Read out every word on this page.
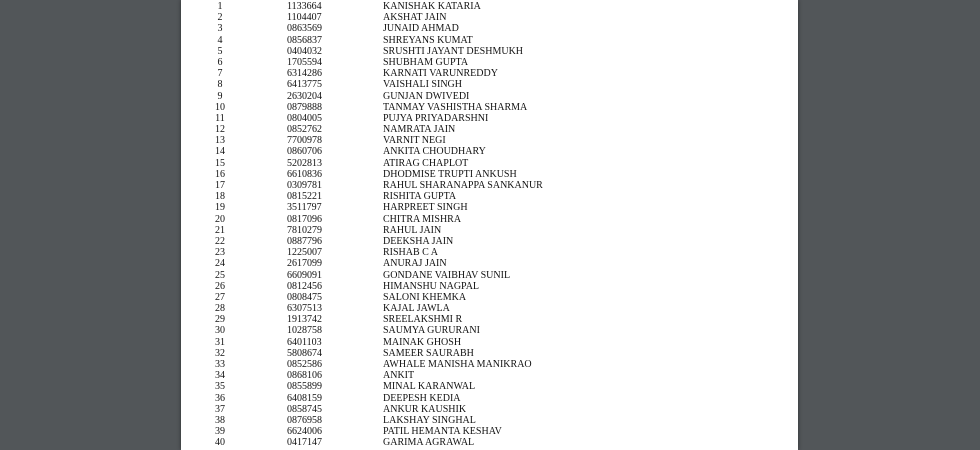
1	1133664	KANISHAK KATARIA
2	1104407	AKSHAT JAIN
3	0863569	JUNAID AHMAD
4	0856837	SHREYANS KUMAT
5	0404032	SRUSHTI JAYANT DESHMUKH
6	1705594	SHUBHAM GUPTA
7	6314286	KARNATI VARUNREDDY
8	6413775	VAISHALI SINGH
9	2630204	GUNJAN DWIVEDI
10	0879888	TANMAY VASHISTHA SHARMA
11	0804005	PUJYA PRIYADARSHNI
12	0852762	NAMRATA JAIN
13	7700978	VARNIT NEGI
14	0860706	ANKITA CHOUDHARY
15	5202813	ATIRAG CHAPLOT
16	6610836	DHODMISE TRUPTI ANKUSH
17	0309781	RAHUL SHARANAPPA SANKANUR
18	0815221	RISHITA GUPTA
19	3511797	HARPREET SINGH
20	0817096	CHITRA MISHRA
21	7810279	RAHUL JAIN
22	0887796	DEEKSHA JAIN
23	1225007	RISHAB C A
24	2617099	ANURAJ JAIN
25	6609091	GONDANE VAIBHAV SUNIL
26	0812456	HIMANSHU NAGPAL
27	0808475	SALONI KHEMKA
28	6307513	KAJAL JAWLA
29	1913742	SREELAKSHMI R
30	1028758	SAUMYA GURURANI
31	6401103	MAINAK GHOSH
32	5808674	SAMEER SAURABH
33	0852586	AWHALE MANISHA MANIKRAO
34	0868106	ANKIT
35	0855899	MINAL KARANWAL
36	6408159	DEEPESH KEDIA
37	0858745	ANKUR KAUSHIK
38	0876958	LAKSHAY SINGHAL
39	6624006	PATIL HEMANTA KESHAV
40	0417147	GARIMA AGRAWAL
